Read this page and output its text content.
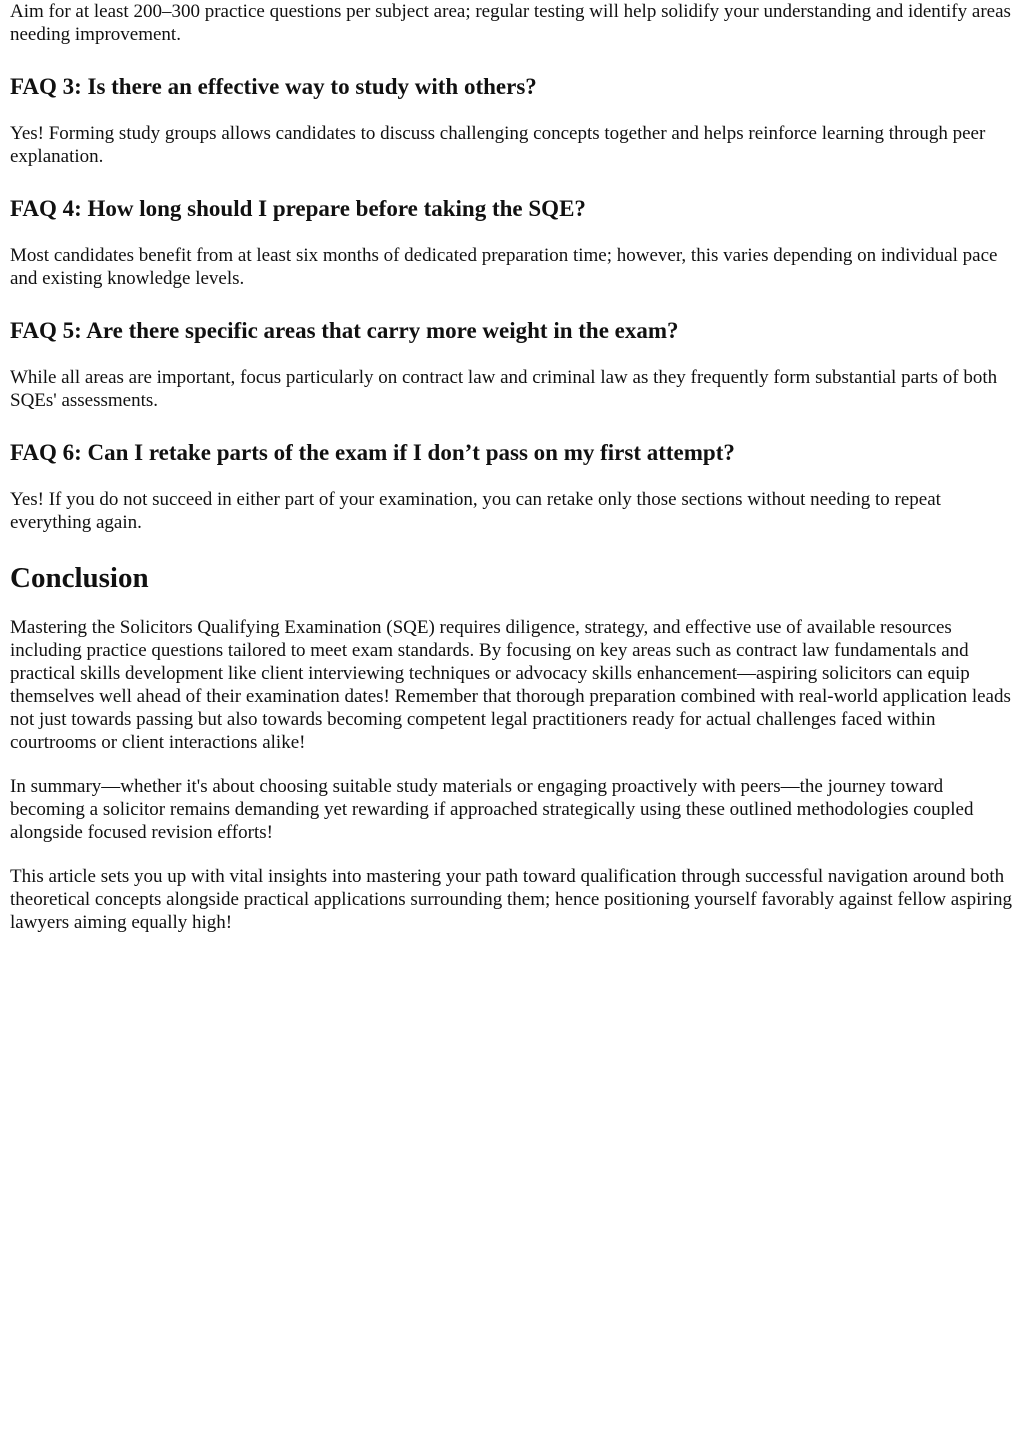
Aim for at least 200–300 practice questions per subject area; regular testing will help solidify your understanding and identify areas needing improvement.

FAQ 3: Is there an effective way to study with others?

Yes! Forming study groups allows candidates to discuss challenging concepts together and helps reinforce learning through peer explanation.

FAQ 4: How long should I prepare before taking the SQE?

Most candidates benefit from at least six months of dedicated preparation time; however, this varies depending on individual pace and existing knowledge levels.

FAQ 5: Are there specific areas that carry more weight in the exam?

While all areas are important, focus particularly on contract law and criminal law as they frequently form substantial parts of both SQEs' assessments.

FAQ 6: Can I retake parts of the exam if I don’t pass on my first attempt?

Yes! If you do not succeed in either part of your examination, you can retake only those sections without needing to repeat everything again.

Conclusion

Mastering the Solicitors Qualifying Examination (SQE) requires diligence, strategy, and effective use of available resources including practice questions tailored to meet exam standards. By focusing on key areas such as contract law fundamentals and practical skills development like client interviewing techniques or advocacy skills enhancement—aspiring solicitors can equip themselves well ahead of their examination dates! Remember that thorough preparation combined with real-world application leads not just towards passing but also towards becoming competent legal practitioners ready for actual challenges faced within courtrooms or client interactions alike!

In summary—whether it's about choosing suitable study materials or engaging proactively with peers—the journey toward becoming a solicitor remains demanding yet rewarding if approached strategically using these outlined methodologies coupled alongside focused revision efforts!

This article sets you up with vital insights into mastering your path toward qualification through successful navigation around both theoretical concepts alongside practical applications surrounding them; hence positioning yourself favorably against fellow aspiring lawyers aiming equally high!
